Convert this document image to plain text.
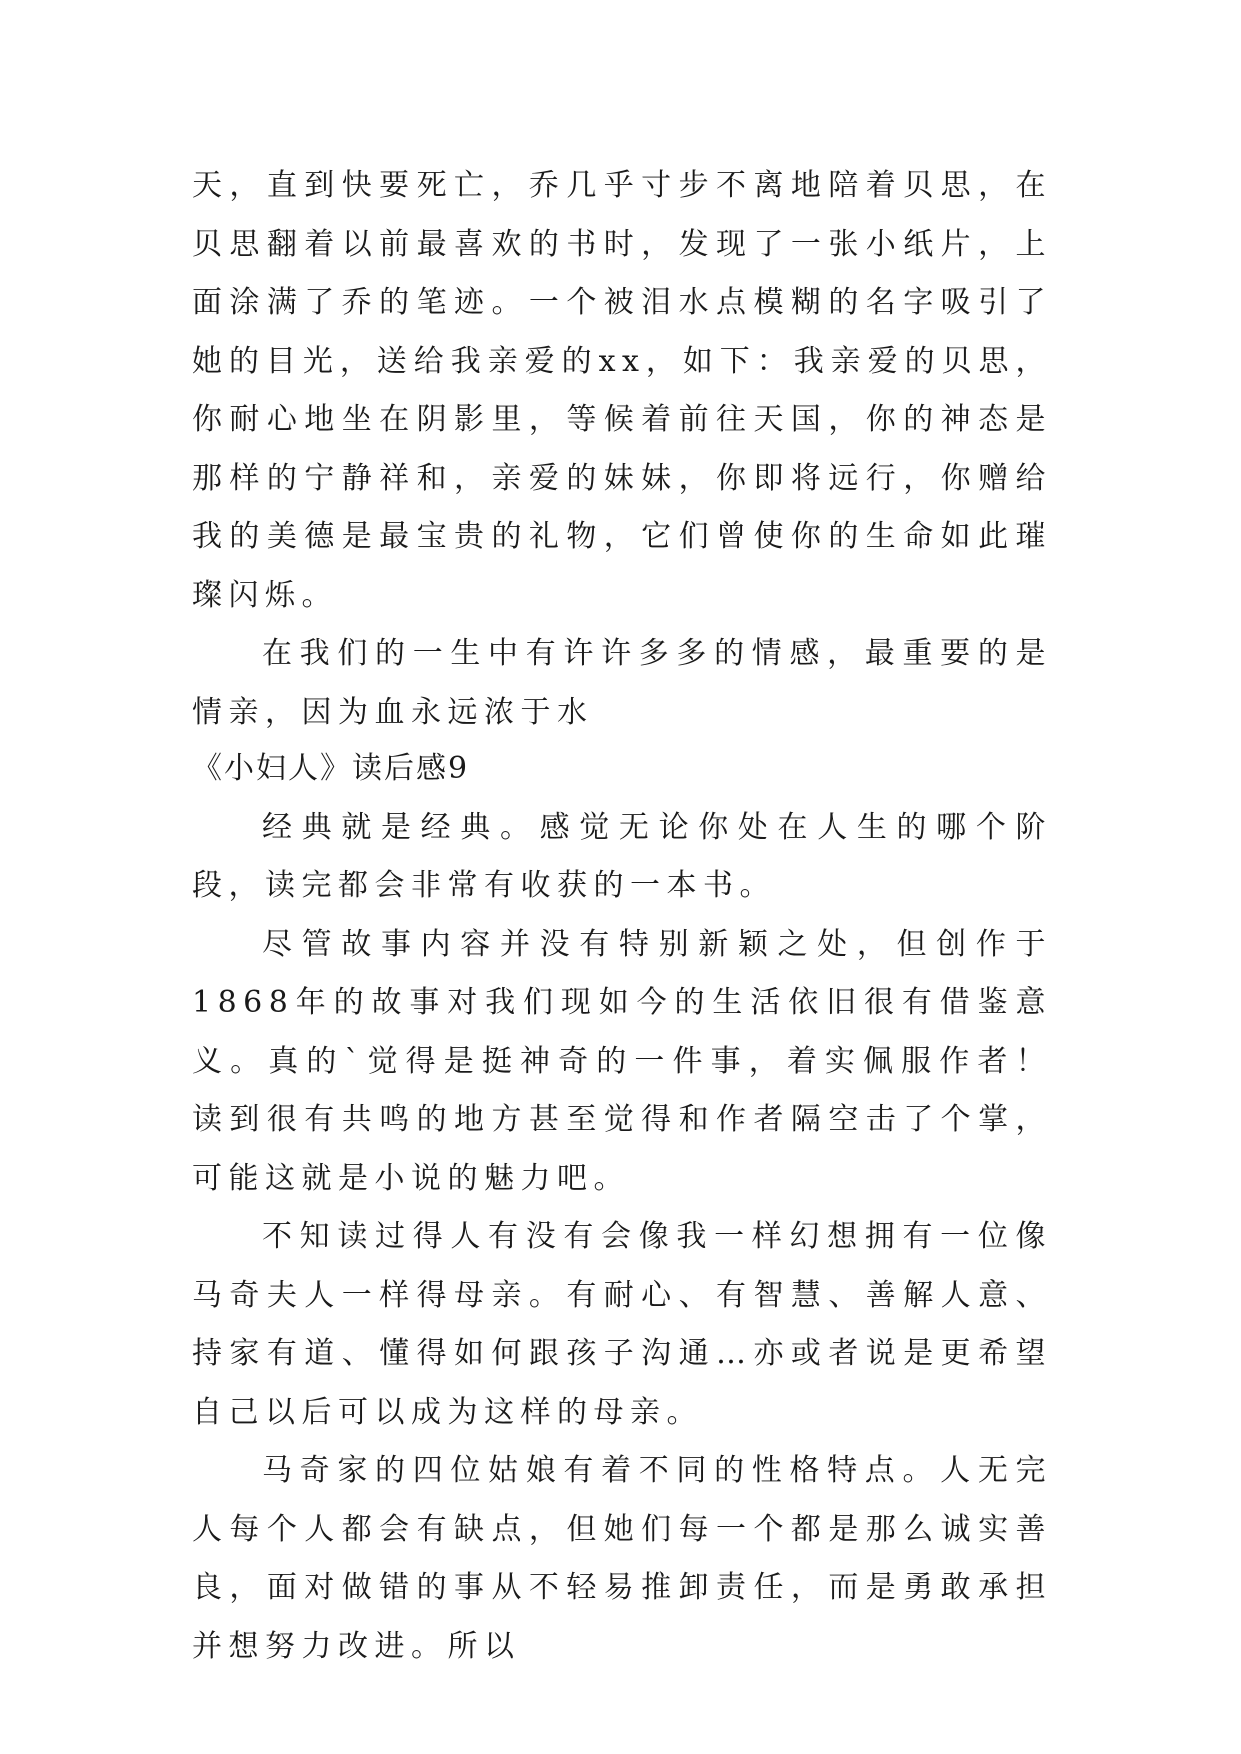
天，直到快要死亡，乔几乎寸步不离地陪着贝思，在贝思翻着以前最喜欢的书时，发现了一张小纸片，上面涂满了乔的笔迹。一个被泪水点模糊的名字吸引了她的目光，送给我亲爱的xx，如下：我亲爱的贝思，你耐心地坐在阴影里，等候着前往天国，你的神态是那样的宁静祥和，亲爱的妹妹，你即将远行，你赠给我的美德是最宝贵的礼物，它们曾使你的生命如此璀璨闪烁。

在我们的一生中有许许多多的情感，最重要的是情亲，因为血永远浓于水

《小妇人》读后感9

经典就是经典。感觉无论你处在人生的哪个阶段，读完都会非常有收获的一本书。

尽管故事内容并没有特别新颖之处，但创作于1868年的故事对我们现如今的生活依旧很有借鉴意义。真的`觉得是挺神奇的一件事，着实佩服作者！读到很有共鸣的地方甚至觉得和作者隔空击了个掌，可能这就是小说的魅力吧。

不知读过得人有没有会像我一样幻想拥有一位像马奇夫人一样得母亲。有耐心、有智慧、善解人意、持家有道、懂得如何跟孩子沟通…亦或者说是更希望自己以后可以成为这样的母亲。

马奇家的四位姑娘有着不同的性格特点。人无完人每个人都会有缺点，但她们每一个都是那么诚实善良，面对做错的事从不轻易推卸责任，而是勇敢承担并想努力改进。所以
